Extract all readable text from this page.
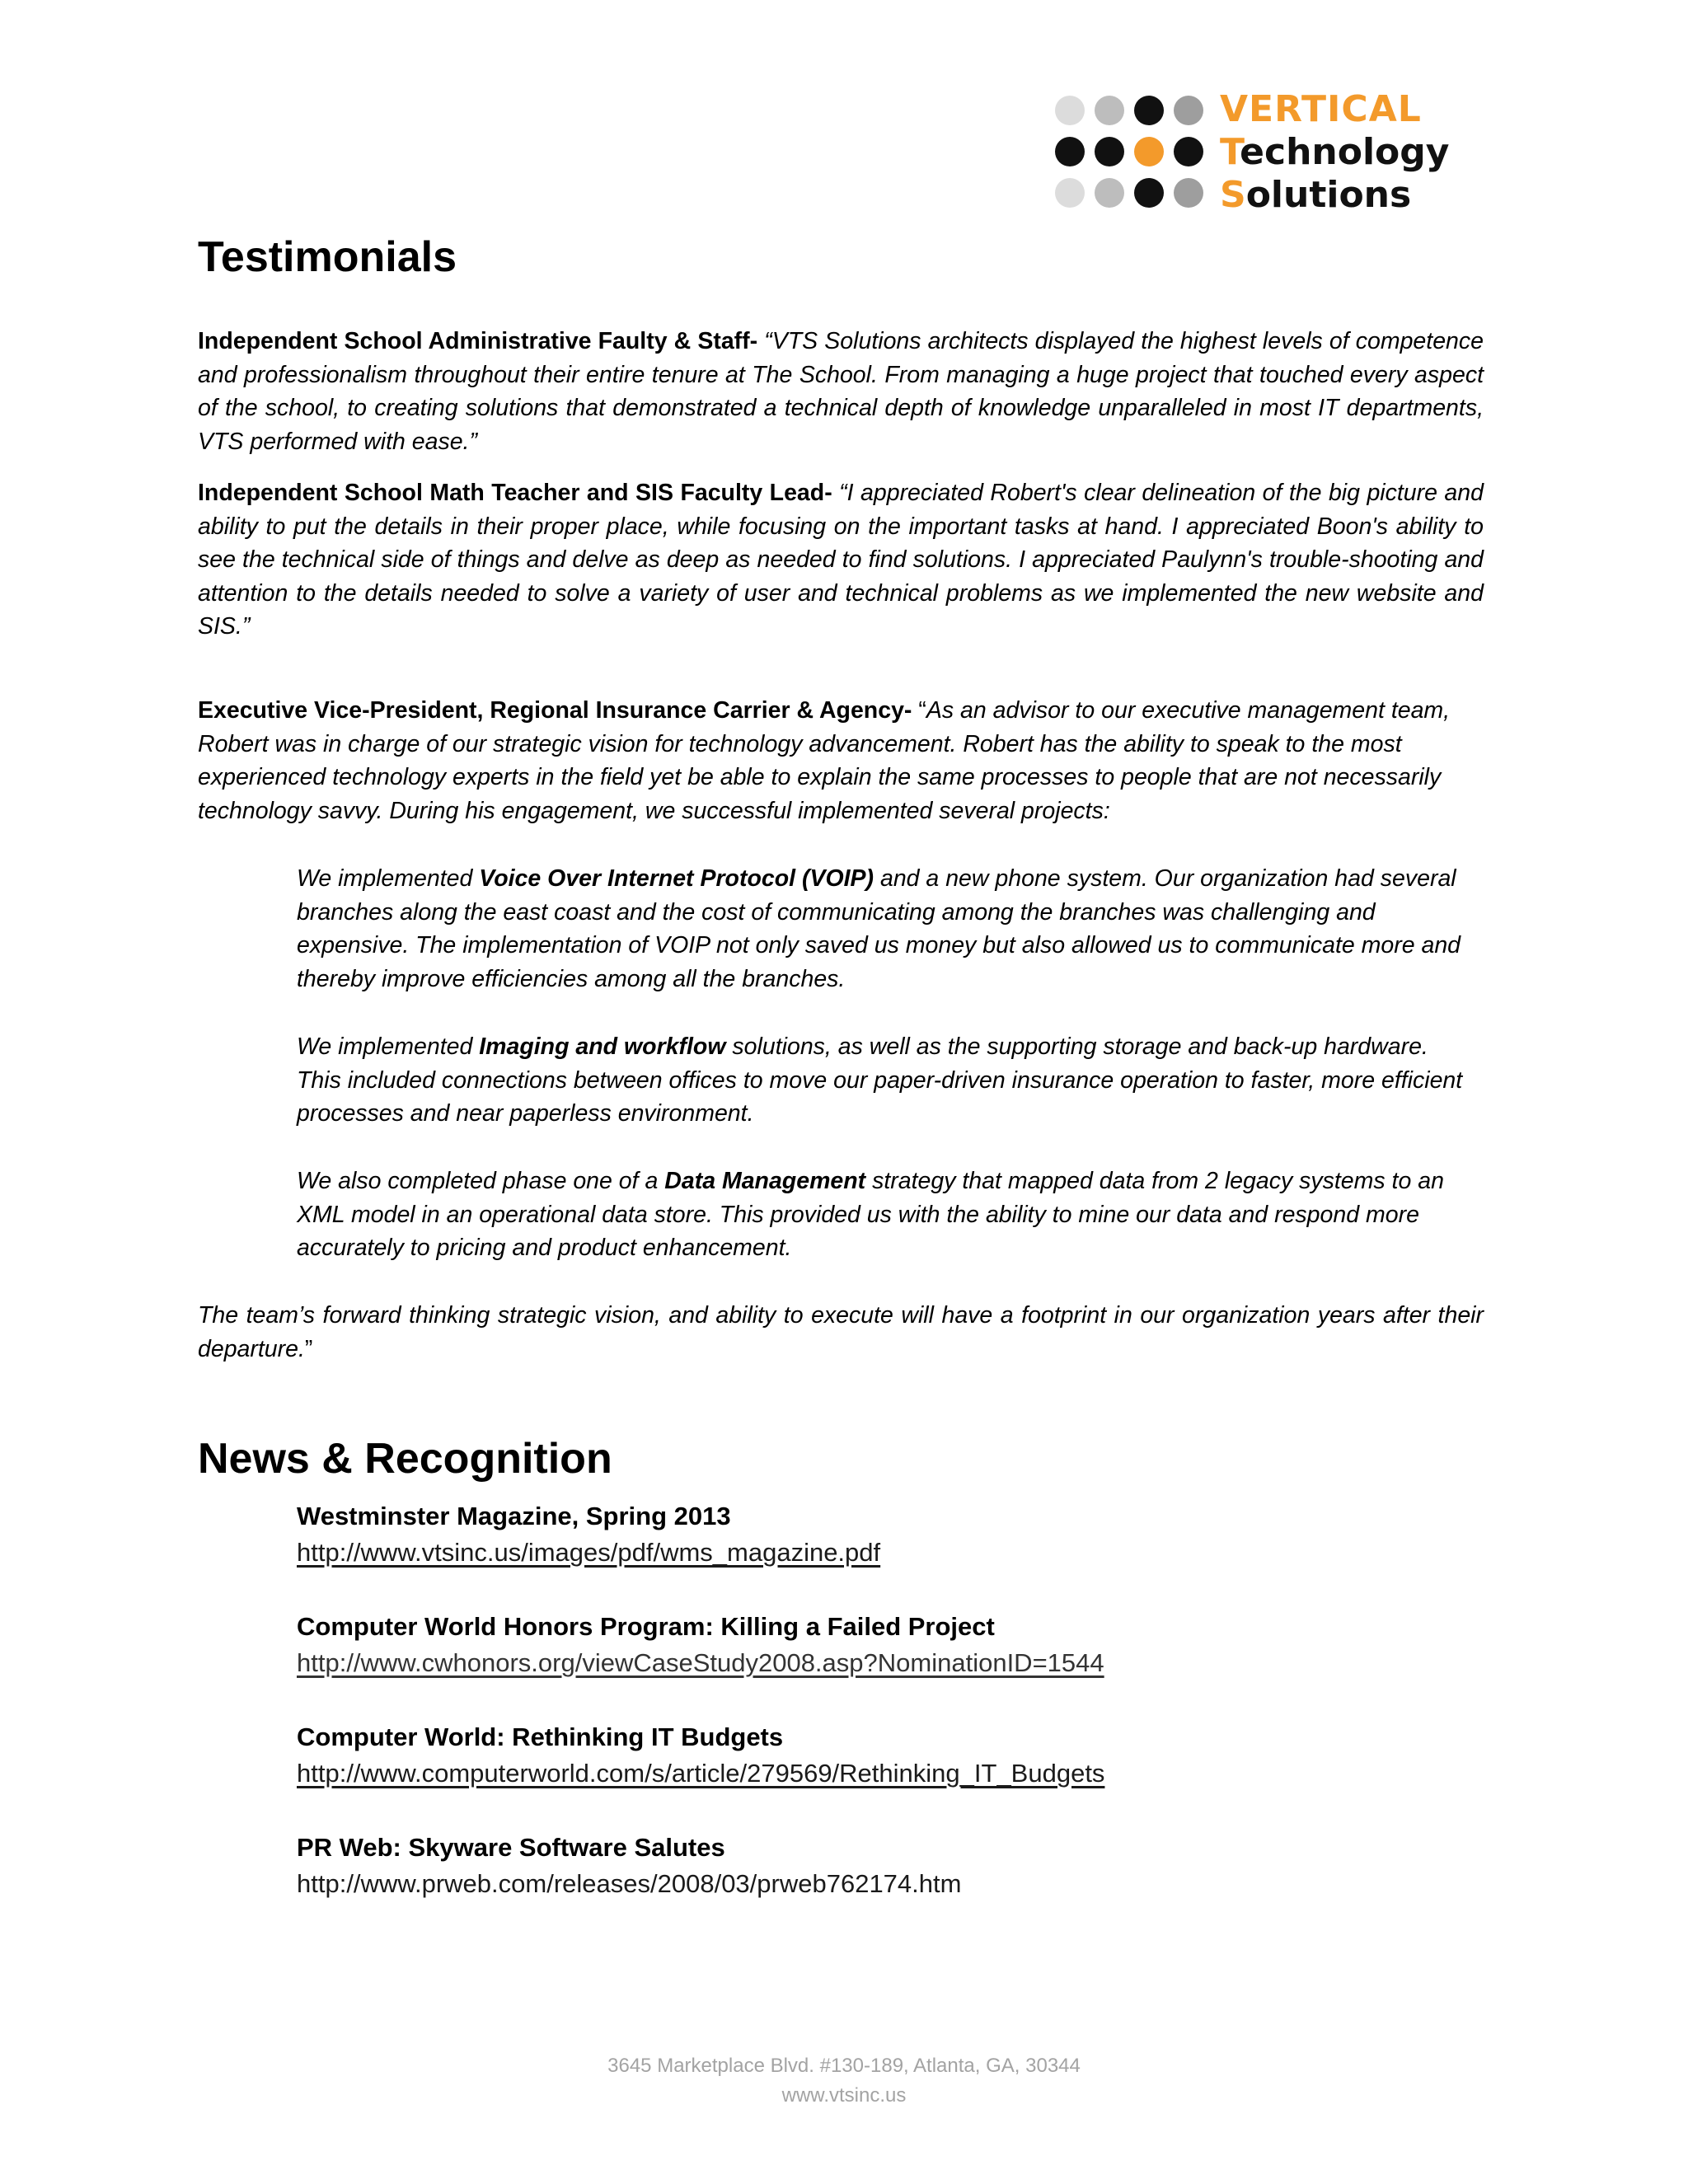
VERTICAL
Technology
Solutions
Testimonials
Independent School Administrative Faulty & Staff- “VTS Solutions architects displayed the highest levels of competence and professionalism throughout their entire tenure at The School. From managing a huge project that touched every aspect of the school, to creating solutions that demonstrated a technical depth of knowledge unparalleled in most IT departments, VTS performed with ease.”
Independent School Math Teacher and SIS Faculty Lead- “I appreciated Robert's clear delineation of the big picture and ability to put the details in their proper place, while focusing on the important tasks at hand. I appreciated Boon's ability to see the technical side of things and delve as deep as needed to find solutions. I appreciated Paulynn's trouble-shooting and attention to the details needed to solve a variety of user and technical problems as we implemented the new website and SIS.”
Executive Vice-President, Regional Insurance Carrier & Agency- “As an advisor to our executive management team, Robert was in charge of our strategic vision for technology advancement. Robert has the ability to speak to the most experienced technology experts in the field yet be able to explain the same processes to people that are not necessarily technology savvy. During his engagement, we successful implemented several projects:
We implemented Voice Over Internet Protocol (VOIP) and a new phone system. Our organization had several branches along the east coast and the cost of communicating among the branches was challenging and expensive. The implementation of VOIP not only saved us money but also allowed us to communicate more and thereby improve efficiencies among all the branches.
We implemented Imaging and workflow solutions, as well as the supporting storage and back-up hardware. This included connections between offices to move our paper-driven insurance operation to faster, more efficient processes and near paperless environment.
We also completed phase one of a Data Management strategy that mapped data from 2 legacy systems to an XML model in an operational data store. This provided us with the ability to mine our data and respond more accurately to pricing and product enhancement.
The team’s forward thinking strategic vision, and ability to execute will have a footprint in our organization years after their departure.”
News & Recognition
Westminster Magazine, Spring 2013
http://www.vtsinc.us/images/pdf/wms_magazine.pdf
Computer World Honors Program: Killing a Failed Project
http://www.cwhonors.org/viewCaseStudy2008.asp?NominationID=1544
Computer World: Rethinking IT Budgets
http://www.computerworld.com/s/article/279569/Rethinking_IT_Budgets
PR Web: Skyware Software Salutes
http://www.prweb.com/releases/2008/03/prweb762174.htm
3645 Marketplace Blvd. #130-189, Atlanta, GA, 30344
www.vtsinc.us
